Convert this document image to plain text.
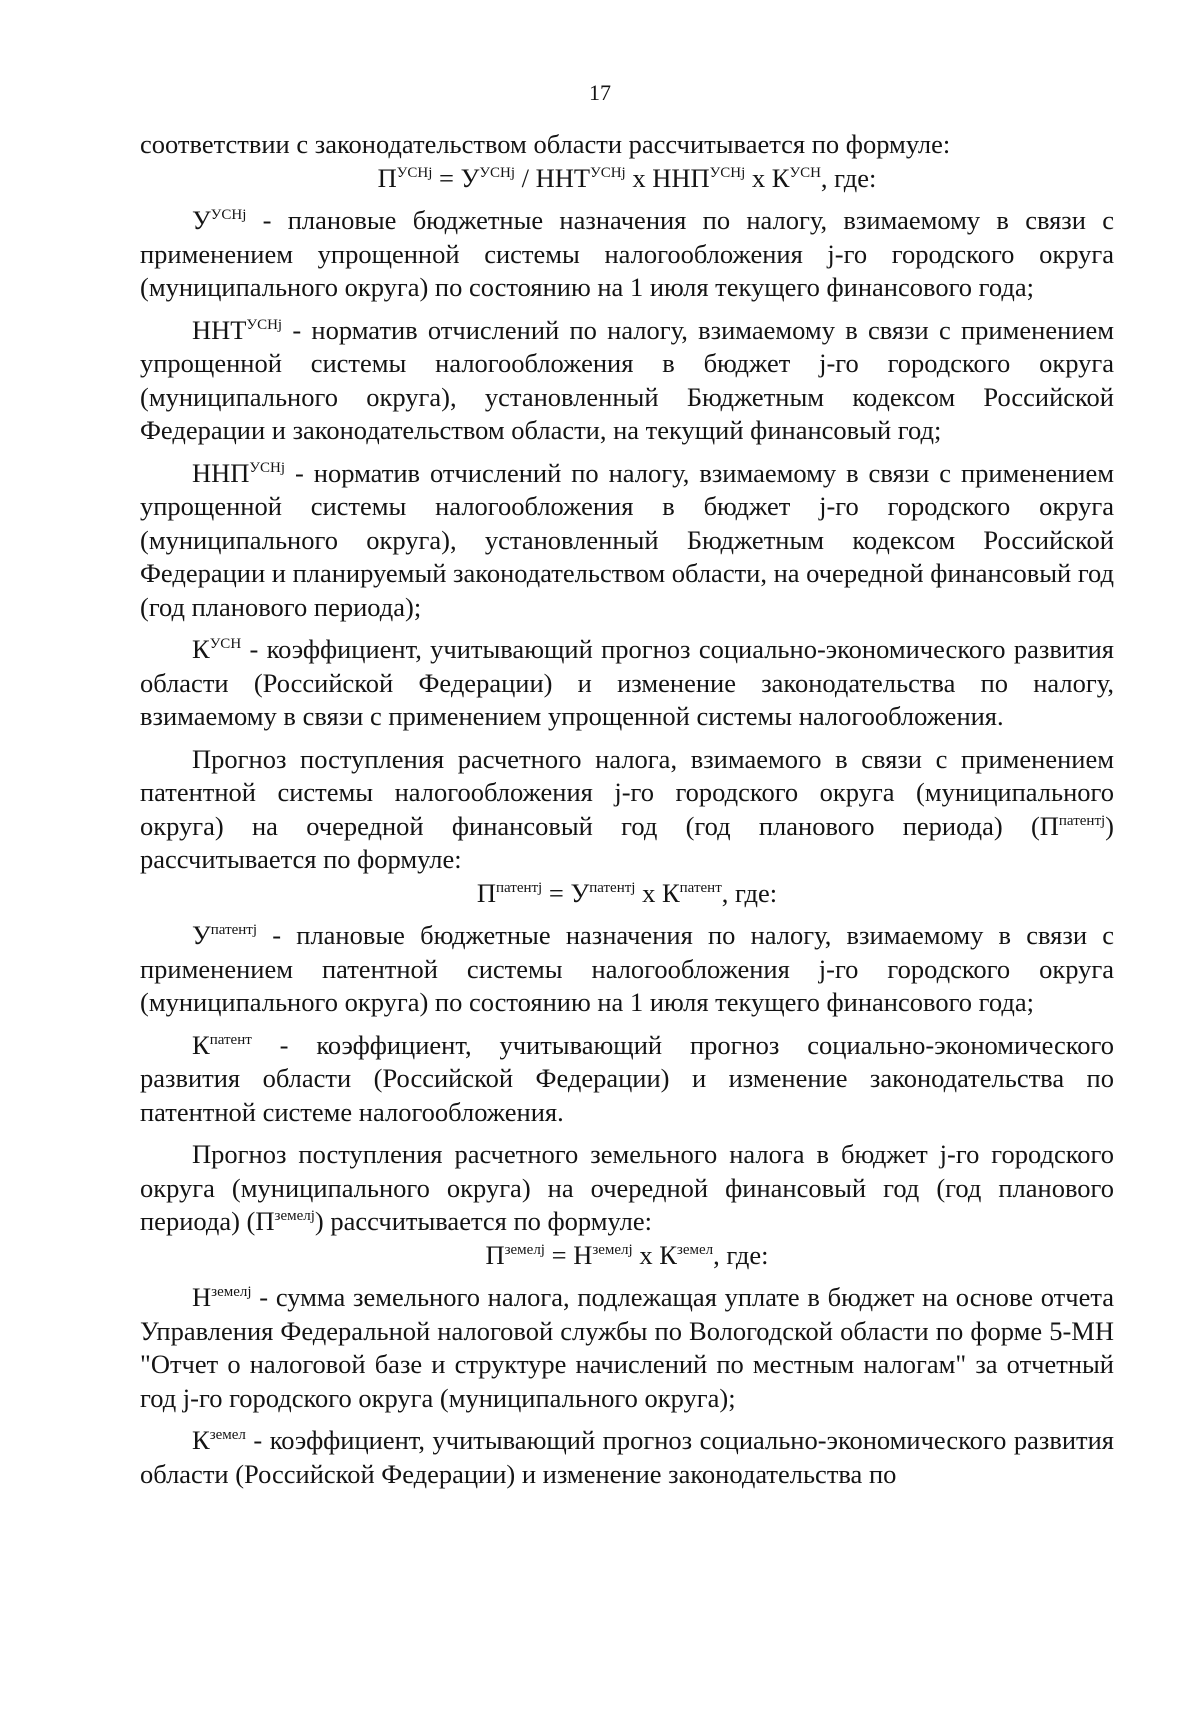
17

соответствии с законодательством области рассчитывается по формуле:

$П^{УСНj} = У^{УСНj} / ННТ^{УСНj}$ x $ННП^{УСНj}$ x $К^{УСН}$, где:

$У^{УСНj}$ - плановые бюджетные назначения по налогу, взимаемому в связи с применением упрощенной системы налогообложения j-го городского округа (муниципального округа) по состоянию на 1 июля текущего финансового года;

$ННТ^{УСНj}$ - норматив отчислений по налогу, взимаемому в связи с применением упрощенной системы налогообложения в бюджет j-го городского округа (муниципального округа), установленный Бюджетным кодексом Российской Федерации и законодательством области, на текущий финансовый год;

$ННП^{УСНj}$ - норматив отчислений по налогу, взимаемому в связи с применением упрощенной системы налогообложения в бюджет j-го городского округа (муниципального округа), установленный Бюджетным кодексом Российской Федерации и планируемый законодательством области, на очередной финансовый год (год планового периода);

$К^{УСН}$ - коэффициент, учитывающий прогноз социально-экономического развития области (Российской Федерации) и изменение законодательства по налогу, взимаемому в связи с применением упрощенной системы налогообложения.

Прогноз поступления расчетного налога, взимаемого в связи с применением патентной системы налогообложения j-го городского округа (муниципального округа) на очередной финансовый год (год планового периода) $(П^{патентj})$ рассчитывается по формуле:

$П^{патентj} = У^{патентj}$ x $К^{патент}$, где:

$У^{патентj}$ - плановые бюджетные назначения по налогу, взимаемому в связи с применением патентной системы налогообложения j-го городского округа (муниципального округа) по состоянию на 1 июля текущего финансового года;

$К^{патент}$ - коэффициент, учитывающий прогноз социально-экономического развития области (Российской Федерации) и изменение законодательства по патентной системе налогообложения.

Прогноз поступления расчетного земельного налога в бюджет j-го городского округа (муниципального округа) на очередной финансовый год (год планового периода) $(П^{земелj})$ рассчитывается по формуле:

$П^{земелj} = Н^{земелj}$ x $К^{земел}$, где:

$Н^{земелj}$ - сумма земельного налога, подлежащая уплате в бюджет на основе отчета Управления Федеральной налоговой службы по Вологодской области по форме 5-МН "Отчет о налоговой базе и структуре начислений по местным налогам" за отчетный год j-го городского округа (муниципального округа);

$К^{земел}$ - коэффициент, учитывающий прогноз социально-экономического развития области (Российской Федерации) и изменение законодательства по
